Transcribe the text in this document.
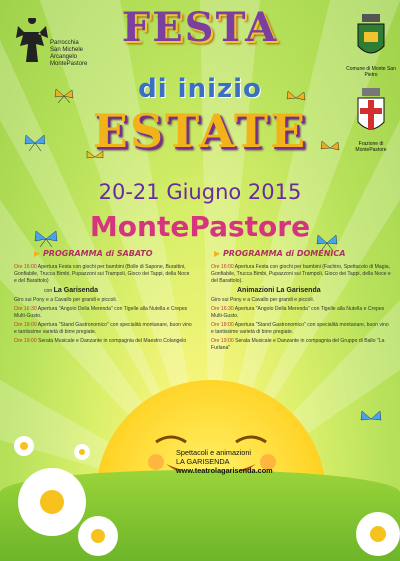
Parrocchia
San Michele
Arcangelo
MontePastore
Comune di Monte San Pietro
Frazione di
MontePastore
FESTA
di inizio
ESTATE
20-21 Giugno 2015
MontePastore
▶ PROGRAMMA di SABATO

Ore 16:00 Apertura Festa con giochi per bambini (Bolle di Sapone, Burattini, Gonfiabile, Trucca Bimbi, Pupazzoni sui Trampoli, Gioco dei Tappi, della Noce e del Barattolo)

con La Garisenda

Giro sui Pony e a Cavallo per grandi e piccoli.

Ore 16:30 Apertura "Angolo Della Merenda" con Tigelle alla Nutella e Crepes Multi-Gusto.

Ore 18:00 Apertura "Stand Gastronomico" con specialità montanare, buon vino e tantissime varietà di birre pregiate.

Ore 19:00 Serata Musicale e Danzante in compagnia del Maestro Colangelo

▶ PROGRAMMA di DOMENICA

Ore 16:00 Apertura Festa con giochi per bambini (Fachiro, Spettacolo di Magia, Gonfiabile, Trucca Bimbi, Pupazzoni sui Trampoli, Gioco dei Tappi, della Noce e del Barattolo).

Animazioni La Garisenda

Giro sui Pony e a Cavallo per grandi e piccoli.

Ore 16:30 Apertura "Angolo Della Merenda" con Tigelle alla Nutella e Crepes Multi-Gusto.

Ore 18:00 Apertura "Stand Gastronomico" con specialità montanare, buon vino e tantissime varietà di birre pregiate.

Ore 19:00 Serata Musicale e Danzante in compagnia del Gruppo di Ballo "La Furlana"

Spettacoli e animazioni
LA GARISENDA
www.teatrolagarisenda.com
